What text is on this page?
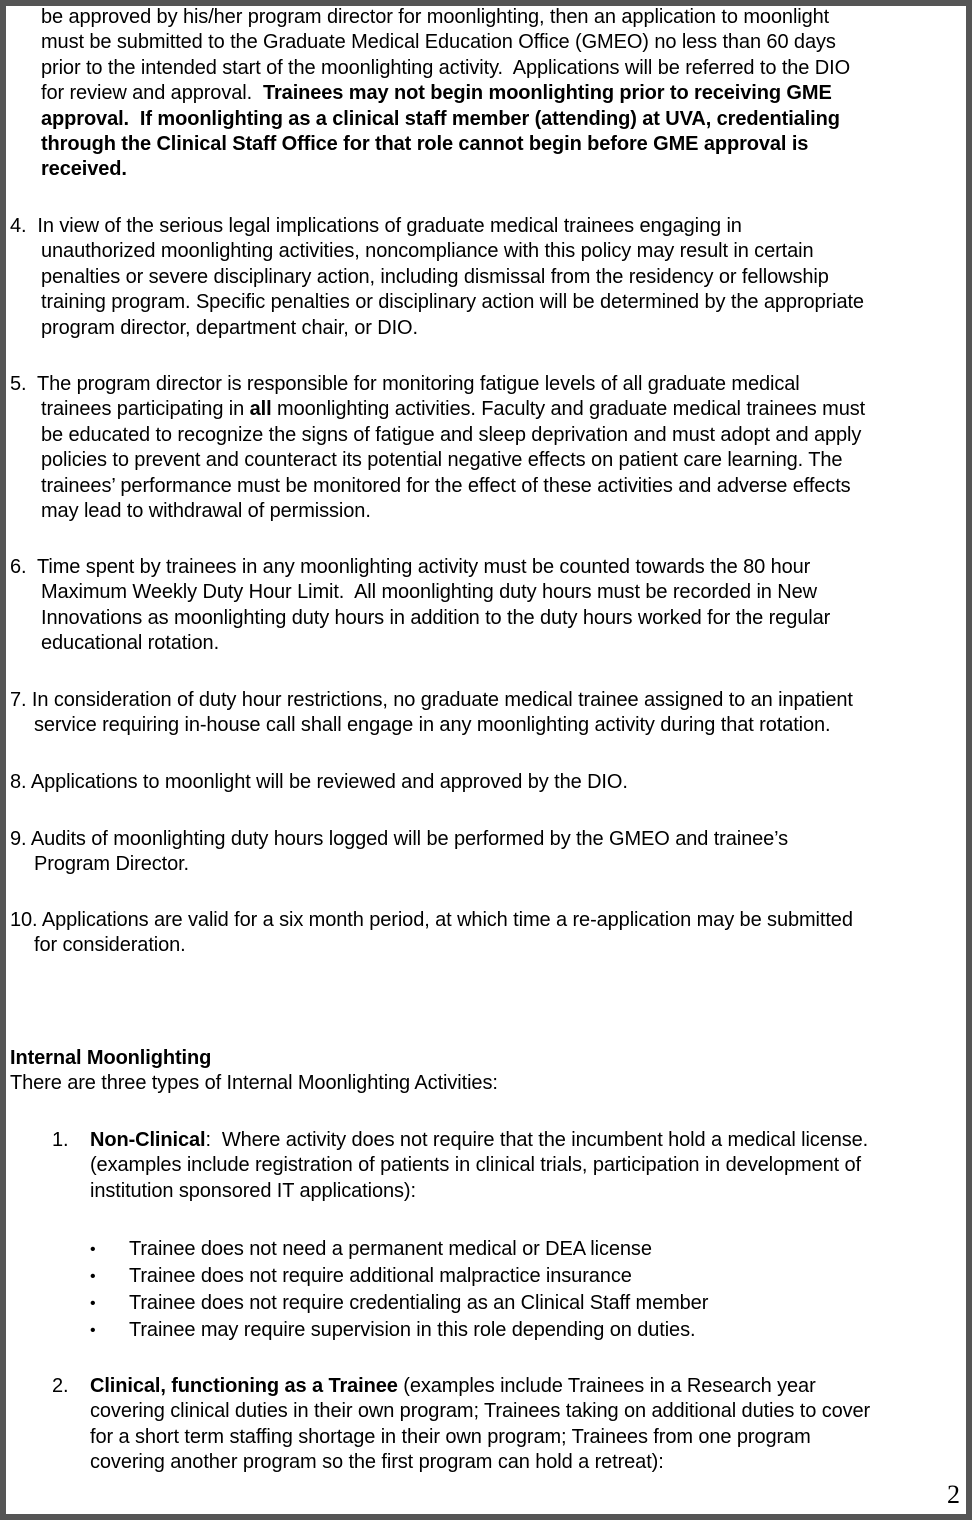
be approved by his/her program director for moonlighting, then an application to moonlight
must be submitted to the Graduate Medical Education Office (GMEO) no less than 60 days
prior to the intended start of the moonlighting activity.  Applications will be referred to the DIO
for review and approval.  Trainees may not begin moonlighting prior to receiving GME
approval.  If moonlighting as a clinical staff member (attending) at UVA, credentialing
through the Clinical Staff Office for that role cannot begin before GME approval is
received.
4.  In view of the serious legal implications of graduate medical trainees engaging in
unauthorized moonlighting activities, noncompliance with this policy may result in certain
penalties or severe disciplinary action, including dismissal from the residency or fellowship
training program. Specific penalties or disciplinary action will be determined by the appropriate
program director, department chair, or DIO.
5.  The program director is responsible for monitoring fatigue levels of all graduate medical
trainees participating in all moonlighting activities. Faculty and graduate medical trainees must
be educated to recognize the signs of fatigue and sleep deprivation and must adopt and apply
policies to prevent and counteract its potential negative effects on patient care learning. The
trainees’ performance must be monitored for the effect of these activities and adverse effects
may lead to withdrawal of permission.
6.  Time spent by trainees in any moonlighting activity must be counted towards the 80 hour
Maximum Weekly Duty Hour Limit.  All moonlighting duty hours must be recorded in New
Innovations as moonlighting duty hours in addition to the duty hours worked for the regular
educational rotation.
7. In consideration of duty hour restrictions, no graduate medical trainee assigned to an inpatient
service requiring in-house call shall engage in any moonlighting activity during that rotation.
8. Applications to moonlight will be reviewed and approved by the DIO.
9. Audits of moonlighting duty hours logged will be performed by the GMEO and trainee’s
Program Director.
10. Applications are valid for a six month period, at which time a re-application may be submitted
for consideration.
Internal Moonlighting
There are three types of Internal Moonlighting Activities:
Non-Clinical:  Where activity does not require that the incumbent hold a medical license.
(examples include registration of patients in clinical trials, participation in development of
institution sponsored IT applications):
Clinical, functioning as a Trainee (examples include Trainees in a Research year
covering clinical duties in their own program; Trainees taking on additional duties to cover
for a short term staffing shortage in their own program; Trainees from one program
covering another program so the first program can hold a retreat):
• Trainee does not need a permanent medical or DEA license
• Trainee does not require additional malpractice insurance
• Trainee does not require credentialing as an Clinical Staff member
• Trainee may require supervision in this role depending on duties.
1.
2.
2
